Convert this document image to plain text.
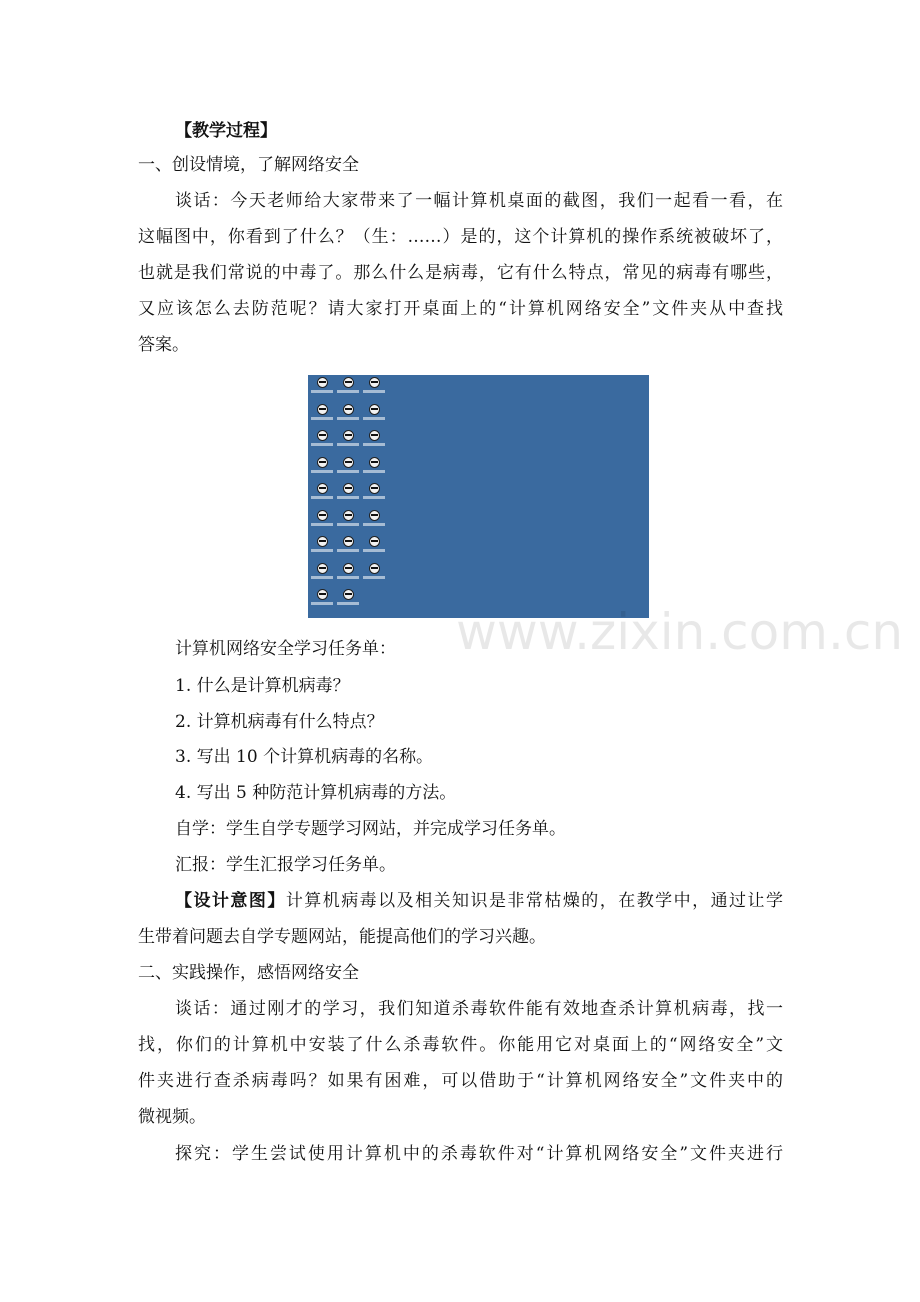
【教学过程】
一、创设情境，了解网络安全
谈话：今天老师给大家带来了一幅计算机桌面的截图，我们一起看一看，在
这幅图中，你看到了什么？（生：……）是的，这个计算机的操作系统被破坏了，
也就是我们常说的中毒了。那么什么是病毒，它有什么特点，常见的病毒有哪些，
又应该怎么去防范呢？请大家打开桌面上的“计算机网络安全”文件夹从中查找
答案。
www.zixin.com.cn
计算机网络安全学习任务单：
1. 什么是计算机病毒？
2. 计算机病毒有什么特点？
3. 写出 10 个计算机病毒的名称。
4. 写出 5 种防范计算机病毒的方法。
自学：学生自学专题学习网站，并完成学习任务单。
汇报：学生汇报学习任务单。
【设计意图】计算机病毒以及相关知识是非常枯燥的，在教学中，通过让学
生带着问题去自学专题网站，能提高他们的学习兴趣。
二、实践操作，感悟网络安全
谈话：通过刚才的学习，我们知道杀毒软件能有效地查杀计算机病毒，找一
找，你们的计算机中安装了什么杀毒软件。你能用它对桌面上的“网络安全”文
件夹进行查杀病毒吗？如果有困难，可以借助于“计算机网络安全”文件夹中的
微视频。
探究：学生尝试使用计算机中的杀毒软件对“计算机网络安全”文件夹进行
